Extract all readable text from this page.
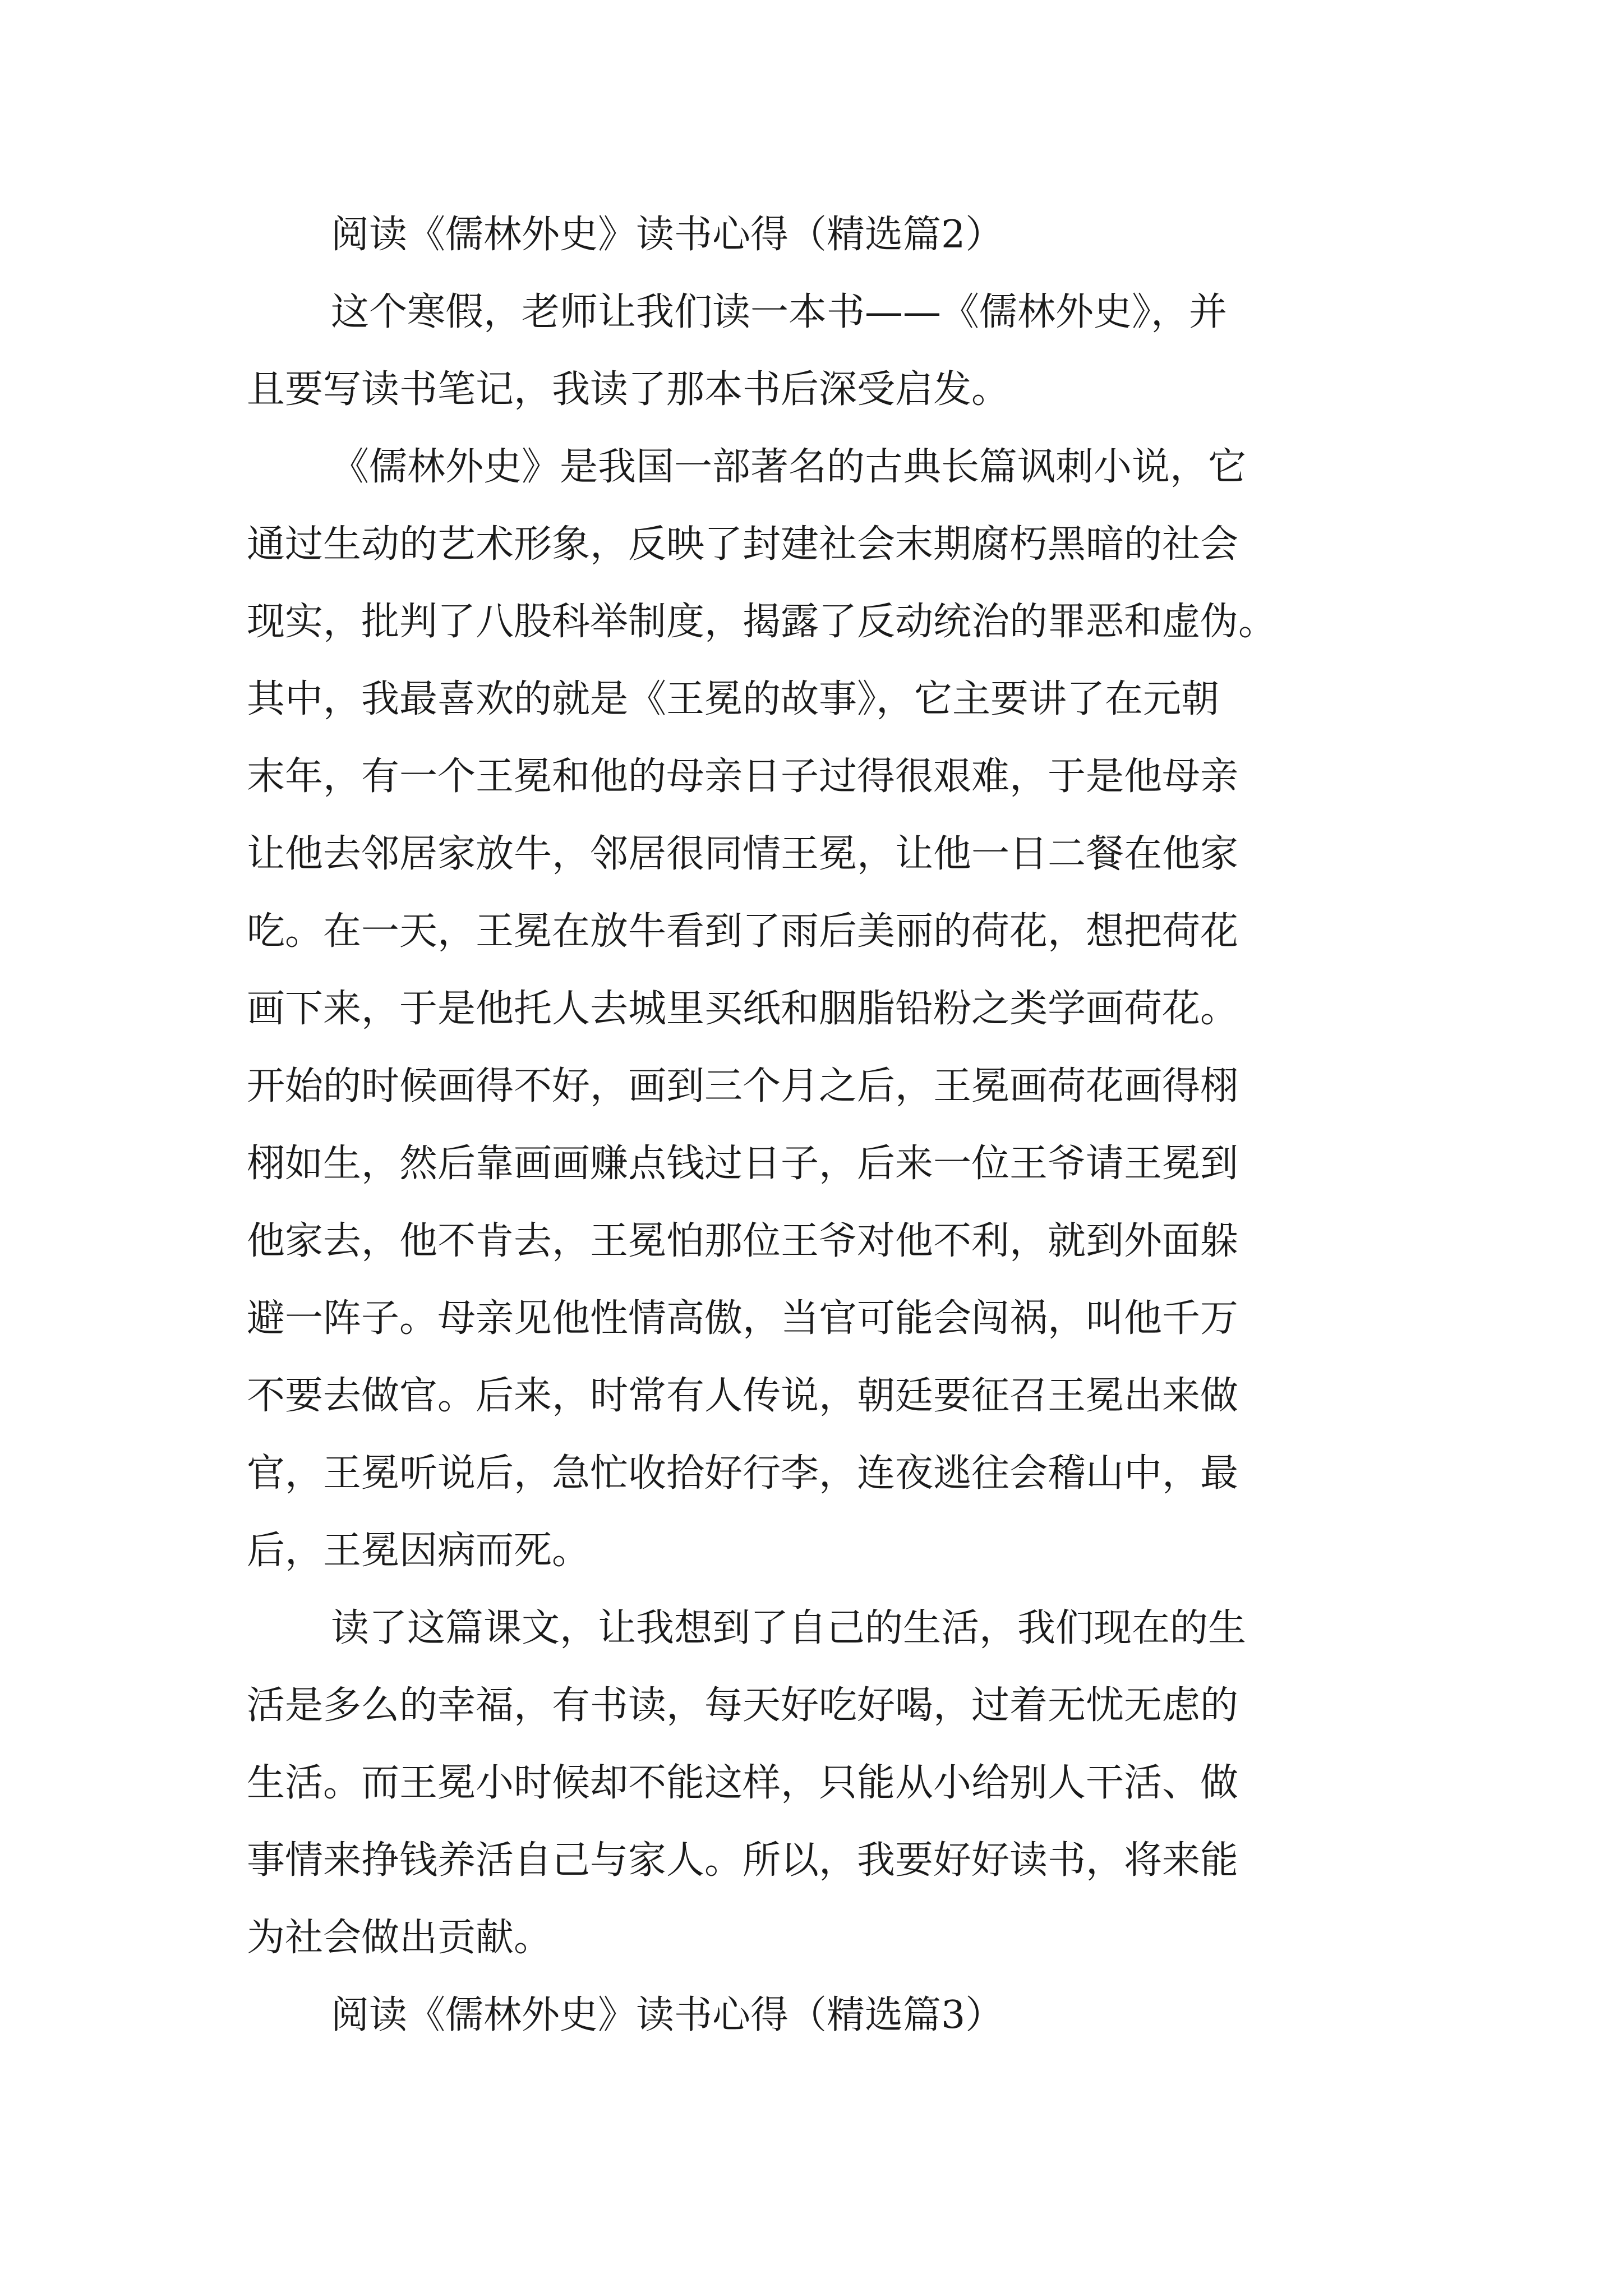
阅读《儒林外史》读书心得（精选篇2）
这个寒假，老师让我们读一本书——《儒林外史》，并
且要写读书笔记，我读了那本书后深受启发。
《儒林外史》是我国一部著名的古典长篇讽刺小说，它
通过生动的艺术形象，反映了封建社会末期腐朽黑暗的社会
现实，批判了八股科举制度，揭露了反动统治的罪恶和虚伪。
其中，我最喜欢的就是《王冕的故事》，它主要讲了在元朝
末年，有一个王冕和他的母亲日子过得很艰难，于是他母亲
让他去邻居家放牛，邻居很同情王冕，让他一日二餐在他家
吃。在一天，王冕在放牛看到了雨后美丽的荷花，想把荷花
画下来，于是他托人去城里买纸和胭脂铅粉之类学画荷花。
开始的时候画得不好，画到三个月之后，王冕画荷花画得栩
栩如生，然后靠画画赚点钱过日子，后来一位王爷请王冕到
他家去，他不肯去，王冕怕那位王爷对他不利，就到外面躲
避一阵子。母亲见他性情高傲，当官可能会闯祸，叫他千万
不要去做官。后来，时常有人传说，朝廷要征召王冕出来做
官，王冕听说后，急忙收拾好行李，连夜逃往会稽山中，最
后，王冕因病而死。
读了这篇课文，让我想到了自己的生活，我们现在的生
活是多么的幸福，有书读，每天好吃好喝，过着无忧无虑的
生活。而王冕小时候却不能这样，只能从小给别人干活、做
事情来挣钱养活自己与家人。所以，我要好好读书，将来能
为社会做出贡献。
阅读《儒林外史》读书心得（精选篇3）
